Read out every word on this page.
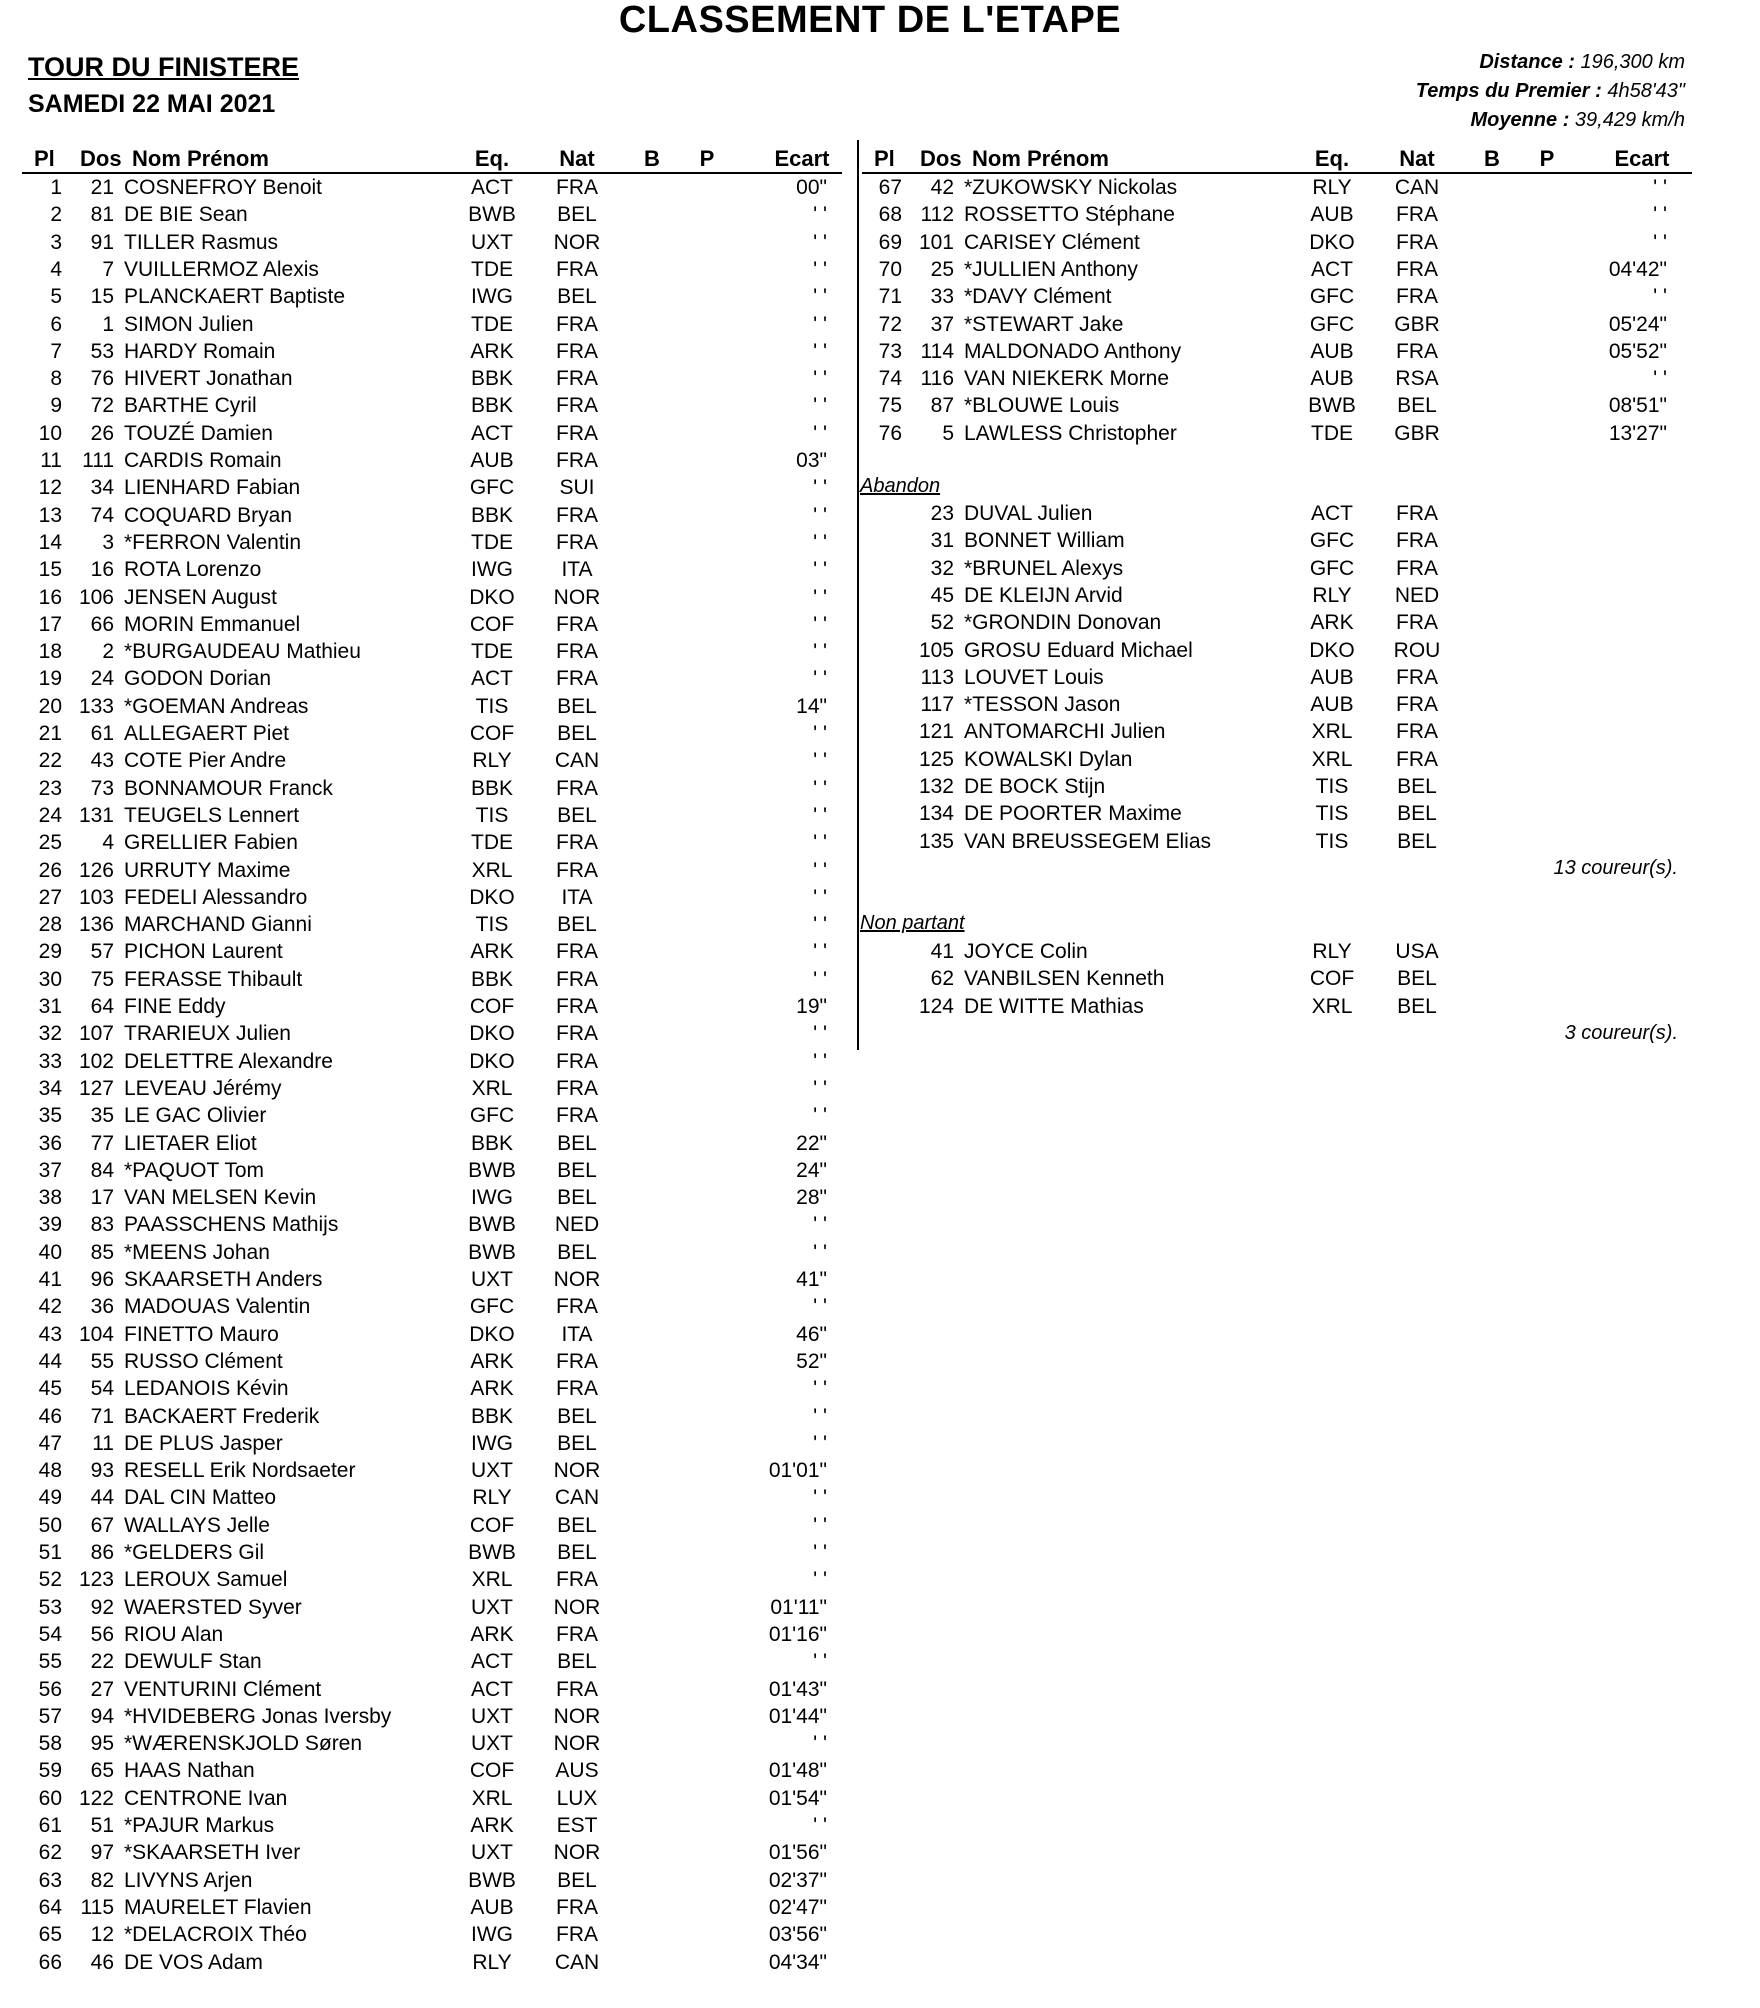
CLASSEMENT DE L'ETAPE
TOUR DU FINISTERE
SAMEDI 22 MAI 2021
Distance : 196,300 km
Temps du Premier : 4h58'43"
Moyenne : 39,429 km/h
Pl	Dos Nom Prénom	Eq.	Nat	B	P	Ecart	Pl	Dos Nom Prénom	Eq.	Nat	B	P	Ecart
1	21 COSNEFROY Benoit	ACT	FRA	00"
2	81 DE BIE Sean	BWB	BEL	' '
3	91 TILLER Rasmus	UXT	NOR	' '
4	7 VUILLERMOZ Alexis	TDE	FRA	' '
5	15 PLANCKAERT Baptiste	IWG	BEL	' '
6	1 SIMON Julien	TDE	FRA	' '
7	53 HARDY Romain	ARK	FRA	' '
8	76 HIVERT Jonathan	BBK	FRA	' '
9	72 BARTHE Cyril	BBK	FRA	' '
10	26 TOUZÉ Damien	ACT	FRA	' '
11 111 CARDIS Romain	AUB	FRA	03"
12	34 LIENHARD Fabian	GFC	SUI	' '
13	74 COQUARD Bryan	BBK	FRA	' '
14	3 *FERRON Valentin	TDE	FRA	' '
15	16 ROTA Lorenzo	IWG	ITA	' '
16 106 JENSEN August	DKO	NOR	' '
17	66 MORIN Emmanuel	COF	FRA	' '
18	2 *BURGAUDEAU Mathieu	TDE	FRA	' '
19	24 GODON Dorian	ACT	FRA	' '
20 133 *GOEMAN Andreas	TIS	BEL	14"
21	61 ALLEGAERT Piet	COF	BEL	' '
22	43 COTE Pier Andre	RLY	CAN	' '
23	73 BONNAMOUR Franck	BBK	FRA	' '
24 131 TEUGELS Lennert	TIS	BEL	' '
25	4 GRELLIER Fabien	TDE	FRA	' '
26 126 URRUTY Maxime	XRL	FRA	' '
27 103 FEDELI Alessandro	DKO	ITA	' '
28 136 MARCHAND Gianni	TIS	BEL	' '
29	57 PICHON Laurent	ARK	FRA	' '
30	75 FERASSE Thibault	BBK	FRA	' '
31	64 FINE Eddy	COF	FRA	19"
32 107 TRARIEUX Julien	DKO	FRA	' '
33 102 DELETTRE Alexandre	DKO	FRA	' '
34 127 LEVEAU Jérémy	XRL	FRA	' '
35	35 LE GAC Olivier	GFC	FRA	' '
36	77 LIETAER Eliot	BBK	BEL	22"
37	84 *PAQUOT Tom	BWB	BEL	24"
38	17 VAN MELSEN Kevin	IWG	BEL	28"
39	83 PAASSCHENS Mathijs	BWB	NED	' '
40	85 *MEENS Johan	BWB	BEL	' '
41	96 SKAARSETH Anders	UXT	NOR	41"
42	36 MADOUAS Valentin	GFC	FRA	' '
43 104 FINETTO Mauro	DKO	ITA	46"
44	55 RUSSO Clément	ARK	FRA	52"
45	54 LEDANOIS Kévin	ARK	FRA	' '
46	71 BACKAERT Frederik	BBK	BEL	' '
47	11 DE PLUS Jasper	IWG	BEL	' '
48	93 RESELL Erik Nordsaeter	UXT	NOR	01'01"
49	44 DAL CIN Matteo	RLY	CAN	' '
50	67 WALLAYS Jelle	COF	BEL	' '
51	86 *GELDERS Gil	BWB	BEL	' '
52 123 LEROUX Samuel	XRL	FRA	' '
53	92 WAERSTED Syver	UXT	NOR	01'11"
54	56 RIOU Alan	ARK	FRA	01'16"
55	22 DEWULF Stan	ACT	BEL	' '
56	27 VENTURINI Clément	ACT	FRA	01'43"
57	94 *HVIDEBERG Jonas Iversby	UXT	NOR	01'44"
58	95 *WÆRENSKJOLD Søren	UXT	NOR	' '
59	65 HAAS Nathan	COF	AUS	01'48"
60 122 CENTRONE Ivan	XRL	LUX	01'54"
61	51 *PAJUR Markus	ARK	EST	' '
62	97 *SKAARSETH Iver	UXT	NOR	01'56"
63	82 LIVYNS Arjen	BWB	BEL	02'37"
64 115 MAURELET Flavien	AUB	FRA	02'47"
65	12 *DELACROIX Théo	IWG	FRA	03'56"
66	46 DE VOS Adam	RLY	CAN	04'34"
67	42 *ZUKOWSKY Nickolas	RLY	CAN	' '
68 112 ROSSETTO Stéphane	AUB	FRA	' '
69 101 CARISEY Clément	DKO	FRA	' '
70	25 *JULLIEN Anthony	ACT	FRA	04'42"
71	33 *DAVY Clément	GFC	FRA	' '
72	37 *STEWART Jake	GFC	GBR	05'24"
73 114 MALDONADO Anthony	AUB	FRA	05'52"
74 116 VAN NIEKERK Morne	AUB	RSA	' '
75	87 *BLOUWE Louis	BWB	BEL	08'51"
76	5 LAWLESS Christopher	TDE	GBR	13'27"
Abandon
23 DUVAL Julien	ACT	FRA
31 BONNET William	GFC	FRA
32 *BRUNEL Alexys	GFC	FRA
45 DE KLEIJN Arvid	RLY	NED
52 *GRONDIN Donovan	ARK	FRA
105 GROSU Eduard Michael	DKO	ROU
113 LOUVET Louis	AUB	FRA
117 *TESSON Jason	AUB	FRA
121 ANTOMARCHI Julien	XRL	FRA
125 KOWALSKI Dylan	XRL	FRA
132 DE BOCK Stijn	TIS	BEL
134 DE POORTER Maxime	TIS	BEL
135 VAN BREUSSEGEM Elias	TIS	BEL
13 coureur(s).
Non partant
41 JOYCE Colin	RLY	USA
62 VANBILSEN Kenneth	COF	BEL
124 DE WITTE Mathias	XRL	BEL
3 coureur(s).
